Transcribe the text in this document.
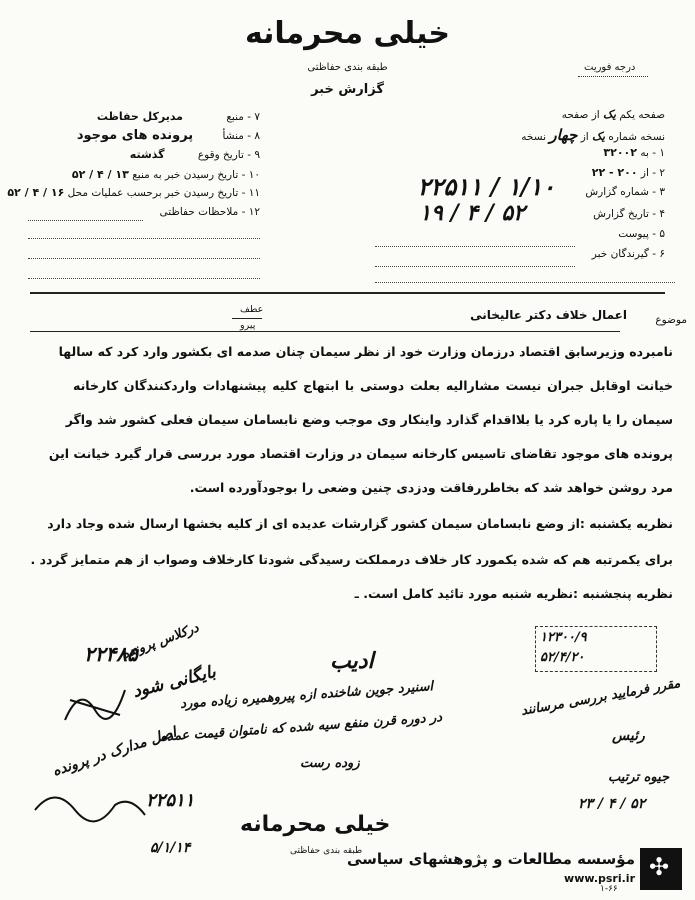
خیلی محرمانه
طبقه بندی حفاظتی
گزارش خبر
درجه فوریت
صفحه یکم یک از صفحه
نسخه شماره یک از چهار نسخه
۱ - به ۳۲۰۰۲
۲ - از ۲۰۰ - ۲۲
۳ - شماره گزارش
۲۲۵۱۱ / ۱/۱۰
۴ - تاریخ گزارش
۱۹ / ۴ / ۵۲
۵ - پیوست
۶ - گیرندگان خبر
۷ - منبع مدیرکل حفاظت
۸ - منشأ پرونده های موجود
۹ - تاریخ وقوع گذشته
۱۰ - تاریخ رسیدن خبر به منبع ۱۳ / ۴ / ۵۲
۱۱ - تاریخ رسیدن خبر برحسب عملیات محل ۱۶ / ۴ / ۵۲
۱۲ - ملاحظات حفاظتی
موضوع
اعمال خلاف دکتر عالیخانی
عطف
پیرو
نامبرده وزیرسابق اقتصاد درزمان وزارت خود از نظر سیمان چنان صدمه ای بکشور وارد کرد که سالها
خیانت اوقابل جبران نیست مشارالیه بعلت دوستی با ابتهاج کلیه پیشنهادات واردکنندگان کارخانه
سیمان را یا پاره کرد یا بلااقدام گذارد واینکار وی موجب وضع نابسامان سیمان فعلی کشور شد واگر
پرونده های موجود تقاضای تاسیس کارخانه سیمان در وزارت اقتصاد مورد بررسی قرار گیرد خیانت این
مرد روشن خواهد شد که بخاطررفاقت ودزدی چنین وضعی را بوجودآورده است.
نظریه یکشنبه :از وضع نابسامان سیمان کشور گزارشات عدیده ای از کلیه بخشها ارسال شده وجاد دارد
برای یکمرتبه هم که شده یکمورد کار خلاف درمملکت رسیدگی شودتا کارخلاف وصواب از هم متمایز گردد .
نظریه پنجشنبه :نظریه شنبه مورد تائید کامل است. ـ
ادیب
اسنیرد جوین شاخنده ازه پیروهمیره زیاده مورد
در دوره قرن منفع سیه شده که نامتوان قیمت عمده
زوده رست
۲۲۴۸۵
درکلاس پرونده
بایگانی شود
اصل مدارک در پرونده
۲۲۵۱۱
۵/۱/۱۴
۱۲۳۰۰/۹
۵۲/۴/۲۰
مقرر فرمایید بررسی مرسانند
رئیس
جیوه ترتیب
۲۳ / ۴ / ۵۲
خیلی محرمانه
طبقه بندی حفاظتی
✣
مؤسسه مطالعات و پژوهشهای سیاسی
www.psri.ir
۱-۶۶
